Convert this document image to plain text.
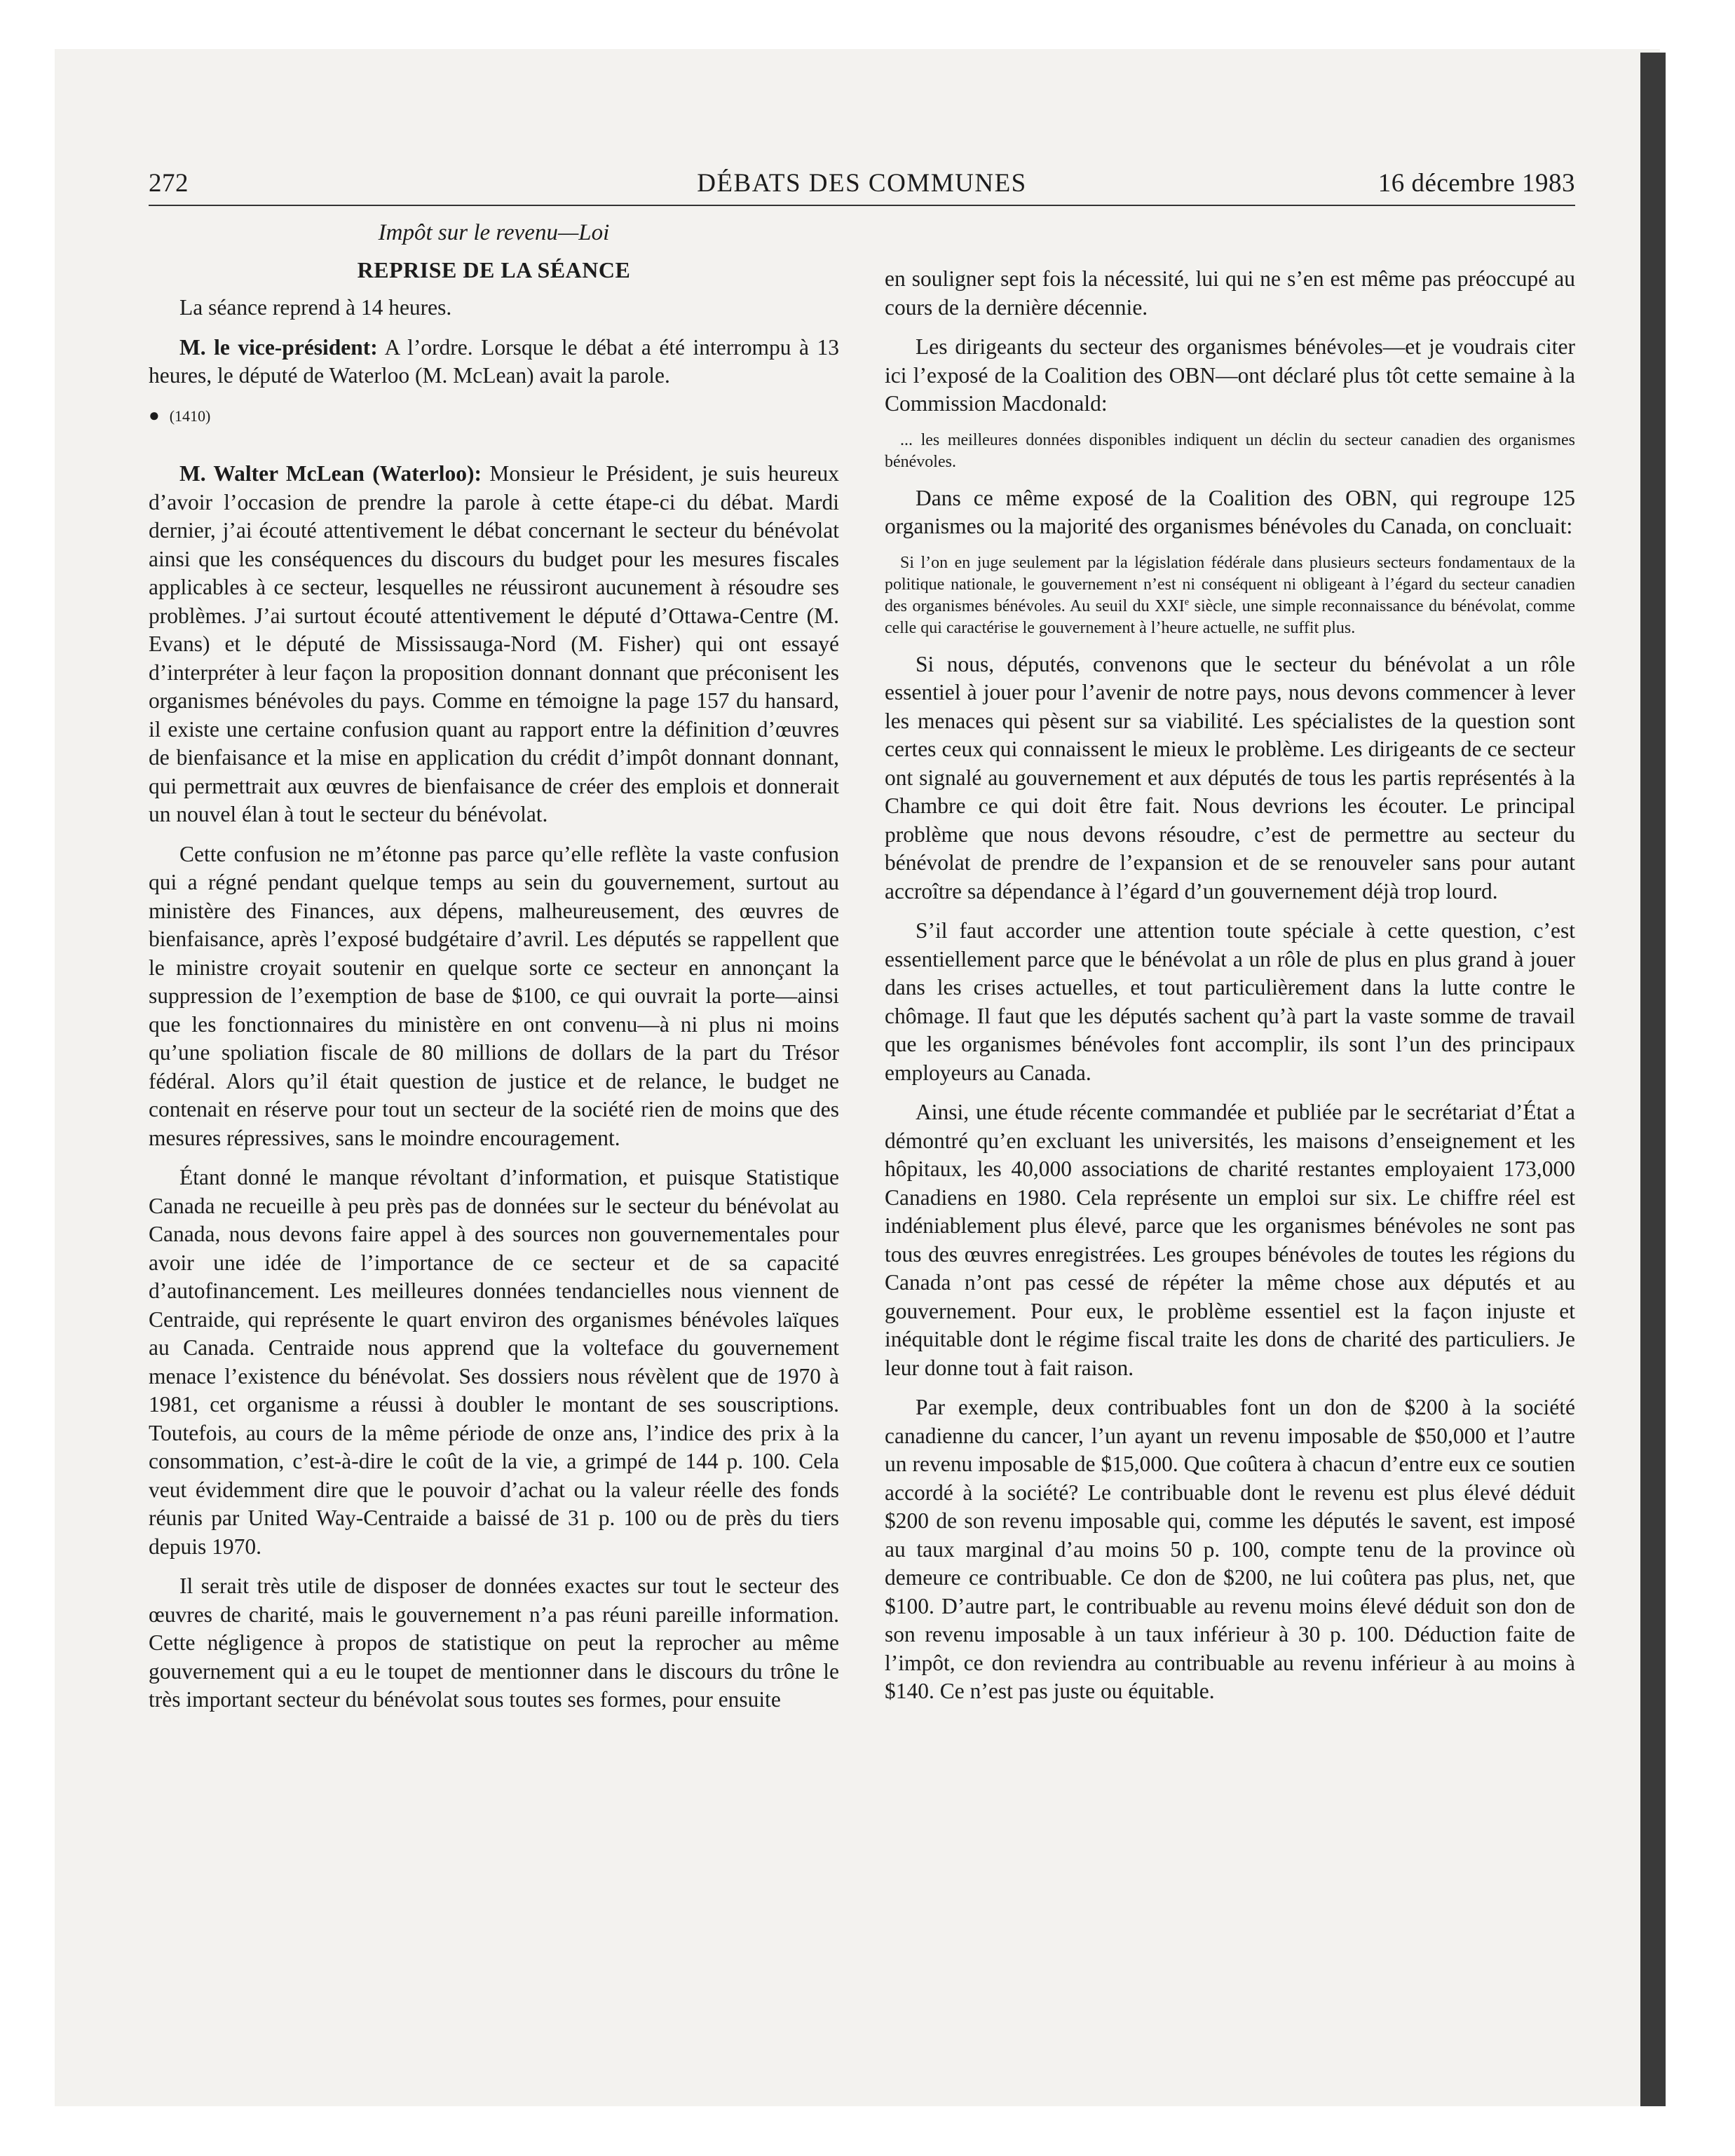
272	DÉBATS DES COMMUNES	16 décembre 1983
Impôt sur le revenu—Loi
REPRISE DE LA SÉANCE

La séance reprend à 14 heures.

M. le vice-président: A l’ordre. Lorsque le débat a été interrompu à 13 heures, le député de Waterloo (M. McLean) avait la parole.

● (1410)

M. Walter McLean (Waterloo): Monsieur le Président, je suis heureux d’avoir l’occasion de prendre la parole à cette étape-ci du débat. Mardi dernier, j’ai écouté attentivement le débat concernant le secteur du bénévolat ainsi que les conséquences du discours du budget pour les mesures fiscales applicables à ce secteur, lesquelles ne réussiront aucunement à résoudre ses problèmes. J’ai surtout écouté attentivement le député d’Ottawa-Centre (M. Evans) et le député de Mississauga-Nord (M. Fisher) qui ont essayé d’interpréter à leur façon la proposition donnant donnant que préconisent les organismes bénévoles du pays. Comme en témoigne la page 157 du hansard, il existe une certaine confusion quant au rapport entre la définition d’œuvres de bienfaisance et la mise en application du crédit d’impôt donnant donnant, qui permettrait aux œuvres de bienfaisance de créer des emplois et donnerait un nouvel élan à tout le secteur du bénévolat.

Cette confusion ne m’étonne pas parce qu’elle reflète la vaste confusion qui a régné pendant quelque temps au sein du gouvernement, surtout au ministère des Finances, aux dépens, malheureusement, des œuvres de bienfaisance, après l’exposé budgétaire d’avril. Les députés se rappellent que le ministre croyait soutenir en quelque sorte ce secteur en annonçant la suppression de l’exemption de base de $100, ce qui ouvrait la porte—ainsi que les fonctionnaires du ministère en ont convenu—à ni plus ni moins qu’une spoliation fiscale de 80 millions de dollars de la part du Trésor fédéral. Alors qu’il était question de justice et de relance, le budget ne contenait en réserve pour tout un secteur de la société rien de moins que des mesures répressives, sans le moindre encouragement.

Étant donné le manque révoltant d’information, et puisque Statistique Canada ne recueille à peu près pas de données sur le secteur du bénévolat au Canada, nous devons faire appel à des sources non gouvernementales pour avoir une idée de l’importance de ce secteur et de sa capacité d’autofinancement. Les meilleures données tendancielles nous viennent de Centraide, qui représente le quart environ des organismes bénévoles laïques au Canada. Centraide nous apprend que la volteface du gouvernement menace l’existence du bénévolat. Ses dossiers nous révèlent que de 1970 à 1981, cet organisme a réussi à doubler le montant de ses souscriptions. Toutefois, au cours de la même période de onze ans, l’indice des prix à la consommation, c’est-à-dire le coût de la vie, a grimpé de 144 p. 100. Cela veut évidemment dire que le pouvoir d’achat ou la valeur réelle des fonds réunis par United Way-Centraide a baissé de 31 p. 100 ou de près du tiers depuis 1970.

Il serait très utile de disposer de données exactes sur tout le secteur des œuvres de charité, mais le gouvernement n’a pas réuni pareille information. Cette négligence à propos de statistique on peut la reprocher au même gouvernement qui a eu le toupet de mentionner dans le discours du trône le très important secteur du bénévolat sous toutes ses formes, pour ensuite

en souligner sept fois la nécessité, lui qui ne s’en est même pas préoccupé au cours de la dernière décennie.

Les dirigeants du secteur des organismes bénévoles—et je voudrais citer ici l’exposé de la Coalition des OBN—ont déclaré plus tôt cette semaine à la Commission Macdonald:

... les meilleures données disponibles indiquent un déclin du secteur canadien des organismes bénévoles.

Dans ce même exposé de la Coalition des OBN, qui regroupe 125 organismes ou la majorité des organismes bénévoles du Canada, on concluait:

Si l’on en juge seulement par la législation fédérale dans plusieurs secteurs fondamentaux de la politique nationale, le gouvernement n’est ni conséquent ni obligeant à l’égard du secteur canadien des organismes bénévoles. Au seuil du XXIe siècle, une simple reconnaissance du bénévolat, comme celle qui caractérise le gouvernement à l’heure actuelle, ne suffit plus.

Si nous, députés, convenons que le secteur du bénévolat a un rôle essentiel à jouer pour l’avenir de notre pays, nous devons commencer à lever les menaces qui pèsent sur sa viabilité. Les spécialistes de la question sont certes ceux qui connaissent le mieux le problème. Les dirigeants de ce secteur ont signalé au gouvernement et aux députés de tous les partis représentés à la Chambre ce qui doit être fait. Nous devrions les écouter. Le principal problème que nous devons résoudre, c’est de permettre au secteur du bénévolat de prendre de l’expansion et de se renouveler sans pour autant accroître sa dépendance à l’égard d’un gouvernement déjà trop lourd.

S’il faut accorder une attention toute spéciale à cette question, c’est essentiellement parce que le bénévolat a un rôle de plus en plus grand à jouer dans les crises actuelles, et tout particulièrement dans la lutte contre le chômage. Il faut que les députés sachent qu’à part la vaste somme de travail que les organismes bénévoles font accomplir, ils sont l’un des principaux employeurs au Canada.

Ainsi, une étude récente commandée et publiée par le secrétariat d’État a démontré qu’en excluant les universités, les maisons d’enseignement et les hôpitaux, les 40,000 associations de charité restantes employaient 173,000 Canadiens en 1980. Cela représente un emploi sur six. Le chiffre réel est indéniablement plus élevé, parce que les organismes bénévoles ne sont pas tous des œuvres enregistrées. Les groupes bénévoles de toutes les régions du Canada n’ont pas cessé de répéter la même chose aux députés et au gouvernement. Pour eux, le problème essentiel est la façon injuste et inéquitable dont le régime fiscal traite les dons de charité des particuliers. Je leur donne tout à fait raison.

Par exemple, deux contribuables font un don de $200 à la société canadienne du cancer, l’un ayant un revenu imposable de $50,000 et l’autre un revenu imposable de $15,000. Que coûtera à chacun d’entre eux ce soutien accordé à la société? Le contribuable dont le revenu est plus élevé déduit $200 de son revenu imposable qui, comme les députés le savent, est imposé au taux marginal d’au moins 50 p. 100, compte tenu de la province où demeure ce contribuable. Ce don de $200, ne lui coûtera pas plus, net, que $100. D’autre part, le contribuable au revenu moins élevé déduit son don de son revenu imposable à un taux inférieur à 30 p. 100. Déduction faite de l’impôt, ce don reviendra au contribuable au revenu inférieur à au moins à $140. Ce n’est pas juste ou équitable.
